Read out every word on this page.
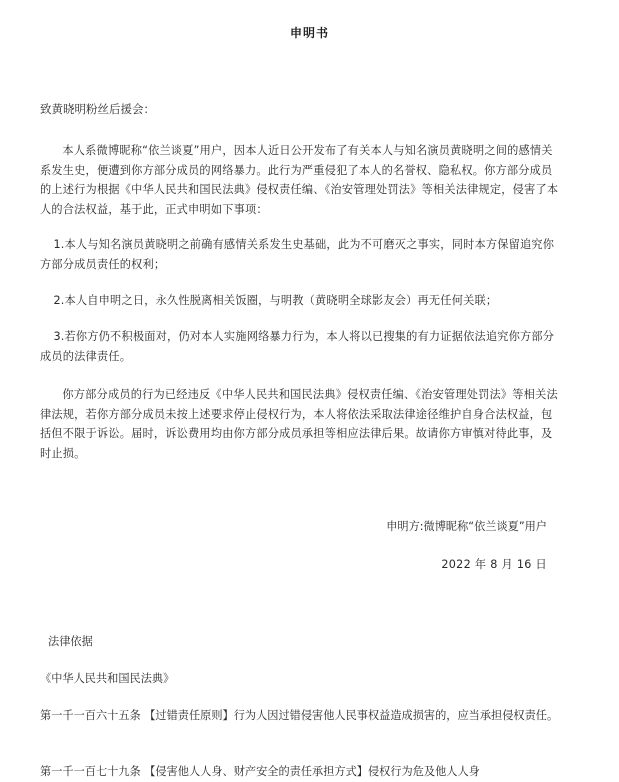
申明书
致黄晓明粉丝后援会：

本人系微博昵称“依兰谈夏”用户，因本人近日公开发布了有关本人与知名演员黄晓明之间的感情关系发生史，便遭到你方部分成员的网络暴力。此行为严重侵犯了本人的名誉权、隐私权。你方部分成员的上述行为根据《中华人民共和国民法典》侵权责任编、《治安管理处罚法》等相关法律规定，侵害了本人的合法权益，基于此，正式申明如下事项：

1.本人与知名演员黄晓明之前确有感情关系发生史基础，此为不可磨灭之事实，同时本方保留追究你方部分成员责任的权利；

2.本人自申明之日，永久性脱离相关饭圈，与明教（黄晓明全球影友会）再无任何关联；

3.若你方仍不积极面对，仍对本人实施网络暴力行为，本人将以已搜集的有力证据依法追究你方部分成员的法律责任。

你方部分成员的行为已经违反《中华人民共和国民法典》侵权责任编、《治安管理处罚法》等相关法律法规，若你方部分成员未按上述要求停止侵权行为，本人将依法采取法律途径维护自身合法权益，包括但不限于诉讼。届时，诉讼费用均由你方部分成员承担等相应法律后果。故请你方审慎对待此事，及时止损。

申明方:微博昵称“依兰谈夏”用户
2022 年 8 月 16 日
法律依据
《中华人民共和国民法典》

第一千一百六十五条 【过错责任原则】行为人因过错侵害他人民事权益造成损害的，应当承担侵权责任。

第一千一百七十九条 【侵害他人人身、财产安全的责任承担方式】侵权行为危及他人人身
